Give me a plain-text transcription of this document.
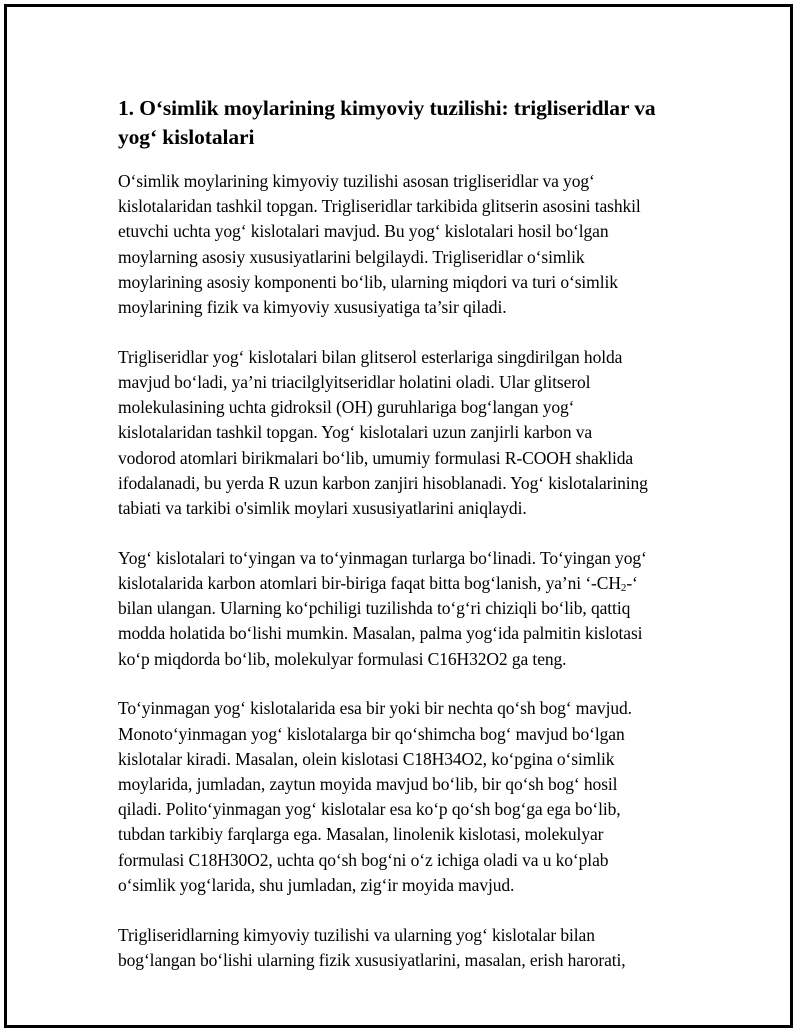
1. O‘simlik moylarining kimyoviy tuzilishi: trigliseridlar va
yog‘ kislotalari

O‘simlik moylarining kimyoviy tuzilishi asosan trigliseridlar va yog‘
kislotalaridan tashkil topgan. Trigliseridlar tarkibida glitserin asosini tashkil
etuvchi uchta yog‘ kislotalari mavjud. Bu yog‘ kislotalari hosil bo‘lgan
moylarning asosiy xususiyatlarini belgilaydi. Trigliseridlar o‘simlik
moylarining asosiy komponenti bo‘lib, ularning miqdori va turi o‘simlik
moylarining fizik va kimyoviy xususiyatiga ta’sir qiladi.

Trigliseridlar yog‘ kislotalari bilan glitserol esterlariga singdirilgan holda
mavjud bo‘ladi, ya’ni triacilglyitseridlar holatini oladi. Ular glitserol
molekulasining uchta gidroksil (OH) guruhlariga bog‘langan yog‘
kislotalaridan tashkil topgan. Yog‘ kislotalari uzun zanjirli karbon va
vodorod atomlari birikmalari bo‘lib, umumiy formulasi R-COOH shaklida
ifodalanadi, bu yerda R uzun karbon zanjiri hisoblanadi. Yog‘ kislotalarining
tabiati va tarkibi o'simlik moylari xususiyatlarini aniqlaydi.

Yog‘ kislotalari to‘yingan va to‘yinmagan turlarga bo‘linadi. To‘yingan yog‘
kislotalarida karbon atomlari bir-biriga faqat bitta bog‘lanish, ya’ni ‘$-CH_2-‘$
bilan ulangan. Ularning ko‘pchiligi tuzilishda to‘g‘ri chiziqli bo‘lib, qattiq
modda holatida bo‘lishi mumkin. Masalan, palma yog‘ida palmitin kislotasi
ko‘p miqdorda bo‘lib, molekulyar formulasi C16H32O2 ga teng.

To‘yinmagan yog‘ kislotalarida esa bir yoki bir nechta qo‘sh bog‘ mavjud.
Monoto‘yinmagan yog‘ kislotalarga bir qo‘shimcha bog‘ mavjud bo‘lgan
kislotalar kiradi. Masalan, olein kislotasi C18H34O2, ko‘pgina o‘simlik
moylarida, jumladan, zaytun moyida mavjud bo‘lib, bir qo‘sh bog‘ hosil
qiladi. Polito‘yinmagan yog‘ kislotalar esa ko‘p qo‘sh bog‘ga ega bo‘lib,
tubdan tarkibiy farqlarga ega. Masalan, linolenik kislotasi, molekulyar
formulasi C18H30O2, uchta qo‘sh bog‘ni o‘z ichiga oladi va u ko‘plab
o‘simlik yog‘larida, shu jumladan, zig‘ir moyida mavjud.

Trigliseridlarning kimyoviy tuzilishi va ularning yog‘ kislotalar bilan
bog‘langan bo‘lishi ularning fizik xususiyatlarini, masalan, erish harorati,
